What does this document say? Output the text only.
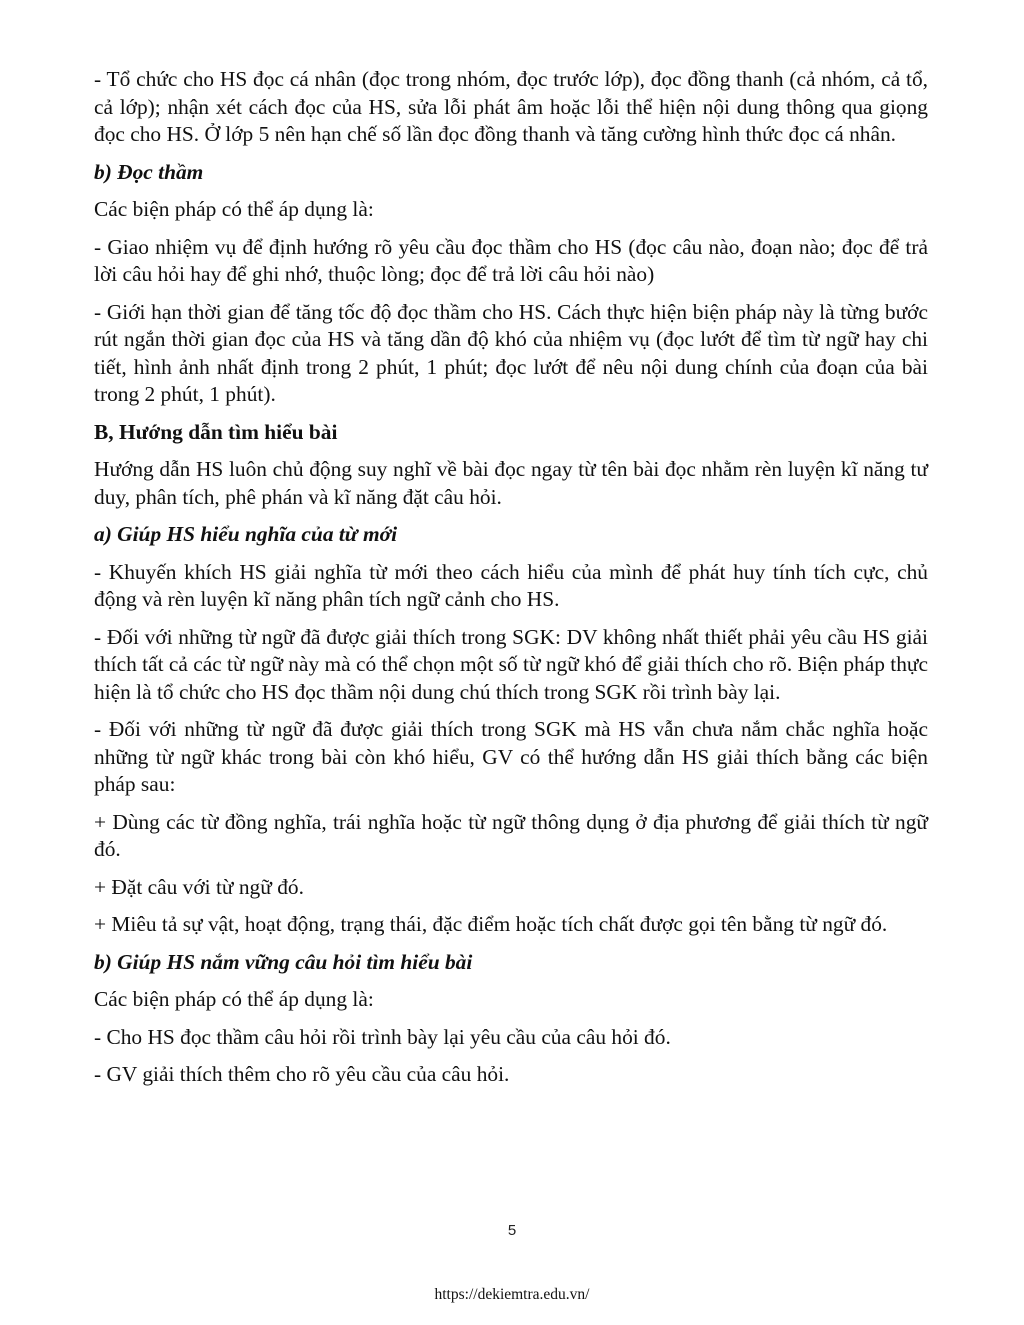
- Tổ chức cho HS đọc cá nhân (đọc trong nhóm, đọc trước lớp), đọc đồng thanh (cả nhóm, cả tổ, cả lớp); nhận xét cách đọc của HS, sửa lỗi phát âm hoặc lỗi thể hiện nội dung thông qua giọng đọc cho HS. Ở lớp 5 nên hạn chế số lần đọc đồng thanh và tăng cường hình thức đọc cá nhân.

b) Đọc thầm

Các biện pháp có thể áp dụng là:

- Giao nhiệm vụ để định hướng rõ yêu cầu đọc thầm cho HS (đọc câu nào, đoạn nào; đọc để trả lời câu hỏi hay để ghi nhớ, thuộc lòng; đọc để trả lời câu hỏi nào)

- Giới hạn thời gian để tăng tốc độ đọc thầm cho HS. Cách thực hiện biện pháp này là từng bước rút ngắn thời gian đọc của HS và tăng dần độ khó của nhiệm vụ (đọc lướt để tìm từ ngữ hay chi tiết, hình ảnh nhất định trong 2 phút, 1 phút; đọc lướt để nêu nội dung chính của đoạn của bài trong 2 phút, 1 phút).

B, Hướng dẫn tìm hiểu bài

Hướng dẫn HS luôn chủ động suy nghĩ về bài đọc ngay từ tên bài đọc nhằm rèn luyện kĩ năng tư duy, phân tích, phê phán và kĩ năng đặt câu hỏi.

a) Giúp HS hiểu nghĩa của từ mới

- Khuyến khích HS giải nghĩa từ mới theo cách hiểu của mình để phát huy tính tích cực, chủ động và rèn luyện kĩ năng phân tích ngữ cảnh cho HS.

- Đối với những từ ngữ đã được giải thích trong SGK: DV không nhất thiết phải yêu cầu HS giải thích tất cả các từ ngữ này mà có thể chọn một số từ ngữ khó để giải thích cho rõ. Biện pháp thực hiện là tổ chức cho HS đọc thầm nội dung chú thích trong SGK rồi trình bày lại.

- Đối với những từ ngữ đã được giải thích trong SGK mà HS vẫn chưa nắm chắc nghĩa hoặc những từ ngữ khác trong bài còn khó hiểu, GV có thể hướng dẫn HS giải thích bằng các biện pháp sau:

+ Dùng các từ đồng nghĩa, trái nghĩa hoặc từ ngữ thông dụng ở địa phương để giải thích từ ngữ đó.

+ Đặt câu với từ ngữ đó.

+ Miêu tả sự vật, hoạt động, trạng thái, đặc điểm hoặc tích chất được gọi tên bằng từ ngữ đó.

b) Giúp HS nắm vững câu hỏi tìm hiểu bài

Các biện pháp có thể áp dụng là:

- Cho HS đọc thầm câu hỏi rồi trình bày lại yêu cầu của câu hỏi đó.

- GV giải thích thêm cho rõ yêu cầu của câu hỏi.

5
https://dekiemtra.edu.vn/
